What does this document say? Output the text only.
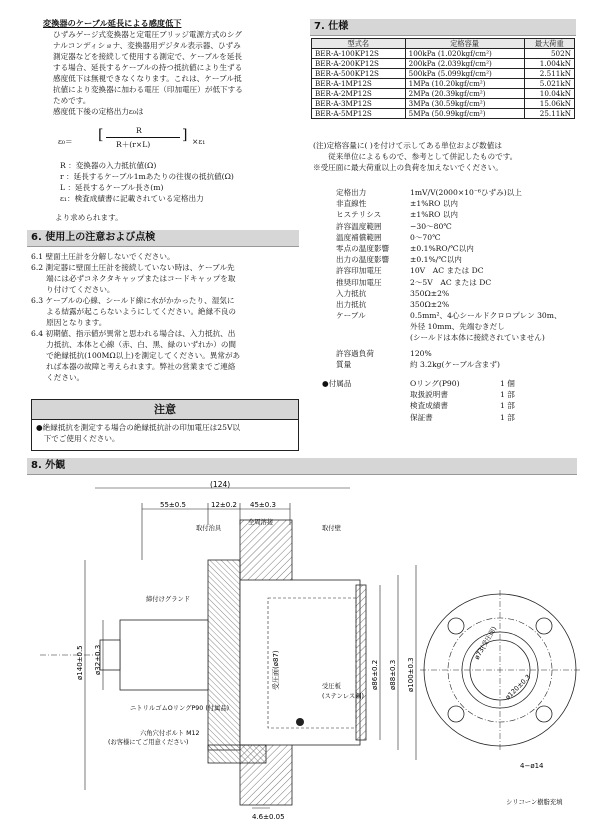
変換器のケーブル延長による感度低下

ひずみゲージ式変換器と定電圧ブリッジ電源方式のシグ

ナルコンディショナ、変換器用デジタル表示器、ひずみ

測定器などを接続して使用する測定で、ケーブルを延長

する場合、延長するケーブルの持つ抵抗値により生ずる

感度低下は無視できなくなります。これは、ケーブル抵

抗値により変換器に加わる電圧（印加電圧）が低下する

ためです。

感度低下後の定格出力ε₀は

ε₀＝ [	R
R＋(r×L)
] ×ε₁

R ：変換器の入力抵抗値(Ω)

r ：延長するケーブル1mあたりの往復の抵抗値(Ω)

L ：延長するケーブル長さ(m)

ε₁：検査成績書に記載されている定格出力

より求められます。
6. 使用上の注意および点検

6.1 壁面土圧計を分解しないでください。

6.2 測定器に壁面土圧計を接続していない時は、ケーブル先

　　端には必ずコネクタキャップまたはコードキャップを取

　　り付けてください。

6.3 ケーブルの心線、シールド線に水がかかったり、湿気に

　　よる結露が起こらないようにしてください。絶縁不良の

　　原因となります。

6.4 初期値、指示値が異常と思われる場合は、入力抵抗、出

　　力抵抗、本体と心線（赤、白、黒、緑のいずれか）の間

　　で絶縁抵抗(100MΩ以上)を測定してください。異常があ

　　れば本器の故障と考えられます。弊社の営業までご連絡

　　ください。

注意
●絶縁抵抗を測定する場合の絶縁抵抗計の印加電圧は25V以
　下でご使用ください。
7. 仕様
型式名	定格容量	最大荷重
BER-A-100KP12S	100kPa (1.020kgf/cm²)	502N
BER-A-200KP12S	200kPa (2.039kgf/cm²)	1.004kN
BER-A-500KP12S	500kPa (5.099kgf/cm²)	2.511kN
BER-A-1MP12S	1MPa (10.20kgf/cm²)	5.021kN
BER-A-2MP12S	2MPa (20.39kgf/cm²)	10.04kN
BER-A-3MP12S	3MPa (30.59kgf/cm²)	15.06kN
BER-A-5MP12S	5MPa (50.99kgf/cm²)	25.11kN

(注)定格容量に( )を付けて示してある単位および数値は

　　従来単位によるもので、参考として併記したものです。

※受圧面に最大荷重以上の負荷を加えないでください。

定格出力	1mV/V(2000×10⁻⁶ひずみ)以上
非直線性	±1%RO 以内
ヒステリシス	±1%RO 以内
許容温度範囲	−30〜80℃
温度補償範囲	0〜70℃
零点の温度影響	±0.1%RO/℃以内
出力の温度影響	±0.1%/℃以内
許容印加電圧	10V　AC または DC
推奨印加電圧	2〜5V　AC または DC
入力抵抗	350Ω±2%
出力抵抗	350Ω±2%
ケーブル	0.5mm²、4心シールドクロロプレン 30m、
外径 10mm、先端むきだし
(シールドは本体に接続されていません)
許容過負荷	120%
質量	約 3.2kg(ケーブル含まず)
●付属品	Oリング(P90)	1 個
取扱説明書	1 部
検査成績書	1 部
保証書	1 部
8. 外観
(124)
55±0.5	12±0.2 45±0.3
ø140±0.5 ø32±0.3	受圧面(ø87)	ø86±0.2 ø88±0.3 ø100±0.3
4.6±0.05
取付治具
全周溶接
取付壁
締付けグランド
受圧板
(ステンレス鋼)
ニトリルゴムOリングP90 (付属品)
六角穴付ボルト M12
(お客様にてご用意ください)
ø73(受圧面)
ø120±0.3
4−ø14
シリコーン樹脂充填
